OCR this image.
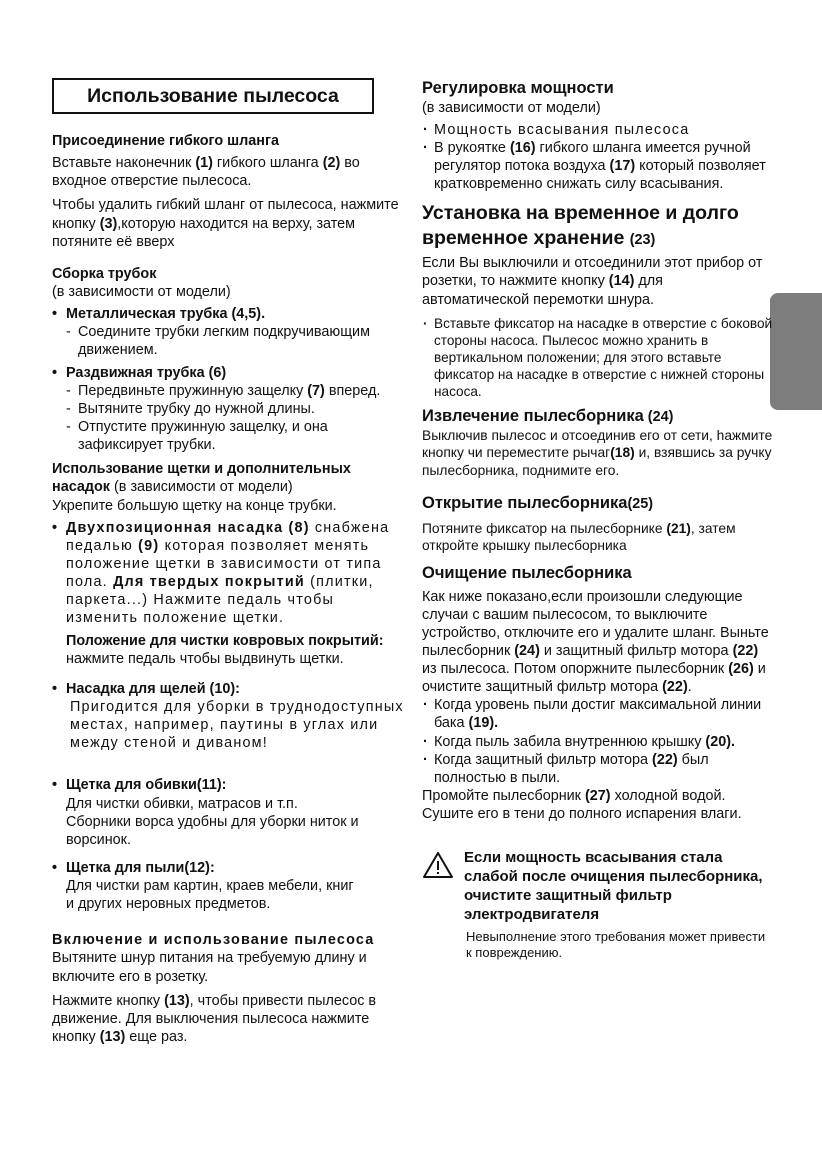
Использование пылесоса

Присоединение гибкого шланга

Вставьте наконечник (1) гибкого шланга (2) во входное отверстие пылесоса.

Чтобы удалить гибкий шланг от пылесоса, нажмите кнопку (3),которую находится на верху, затем потяните её вверх

Сборка трубок

(в зависимости от модели)

• Металлическая трубка (4,5).

- Соедините трубки легким подкручивающим движением.

• Раздвижная трубка (6)

- Передвиньте пружинную защелку (7) вперед.

- Вытяните трубку до нужной длины.

- Отпустите пружинную защелку, и она зафиксирует трубки.

Использование щетки и дополнительных насадок (в зависимости от модели)

Укрепите большую щетку на конце трубки.

• Двухпозиционная насадка (8) снабжена педалью (9) которая позволяет менять положение щетки в зависимости от типа пола. Для твердых покрытий (плитки, паркета...) Нажмите педаль чтобы изменить положение щетки.

Положение для чистки ковровых покрытий:

нажмите педаль чтобы выдвинуть щетки.

• Насадка для щелей (10):

Пригодится для уборки в труднодоступных местах, например, паутины в углах или между стеной и диваном!

• Щетка для обивки(11):

Для чистки обивки, матрасов и т.п.

Сборники ворса удобны для уборки ниток и ворсинок.

• Щетка для пыли(12):

Для чистки рам картин, краев мебели, книг

и других неровных предметов.

Включение и использование пылесоса

Вытяните шнур питания на требуемую длину и включите его в розетку.

Нажмите кнопку (13), чтобы привести пылесос в движение. Для выключения пылесоса нажмите кнопку (13) еще раз.

Регулировка мощности

(в зависимости от модели)

· Мощность всасывания пылесоса

· В рукоятке (16) гибкого шланга имеется ручной регулятор потока воздуха (17) который позволяет кратковременно снижать силу всасывания.

Установка на временное и долго временное хранение (23)

Если Вы выключили и отсоединили этот прибор от розетки, то нажмите кнопку (14) для автоматической перемотки шнура.

· Вставьте фиксатор на насадке в отверстие с боковой стороны насоса. Пылесос можно хранить в вертикальном положении; для этого вставьте фиксатор на насадке в отверстие с нижней стороны насоса.

Извлечение пылесборника (24)

Выключив пылесос и отсоединив его от сети, hажмите кнопку чи переместите рычаг(18) и, взявшись за ручку пылесборника, поднимите его.

Открытие пылесборника(25)

Потяните фиксатор на пылесборнике (21), затем откройте крышку пылесборника

Очищение пылесборника

Как ниже показано,если произошли следующие случаи с вашим пылесосом, то выключите устройство, отключите его и удалите шланг. Выньте пылесборник (24) и защитный фильтр мотора (22) из пылесоса. Потом опоржните пылесборник (26) и очистите защитный фильтр мотора (22).

· Когда уровень пыли достиг максимальной линии бака (19).

· Когда пыль забила внутреннюю крышку (20).

· Когда защитный фильтр мотора (22) был полностью в пыли.

Промойте пылесборник (27) холодной водой.

Сушите его в тени до полного испарения влаги.

Если мощность всасывания стала слабой после очищения пылесборника, очистите защитный фильтр электродвигателя

Невыполнение этого требования может привести к повреждению.
